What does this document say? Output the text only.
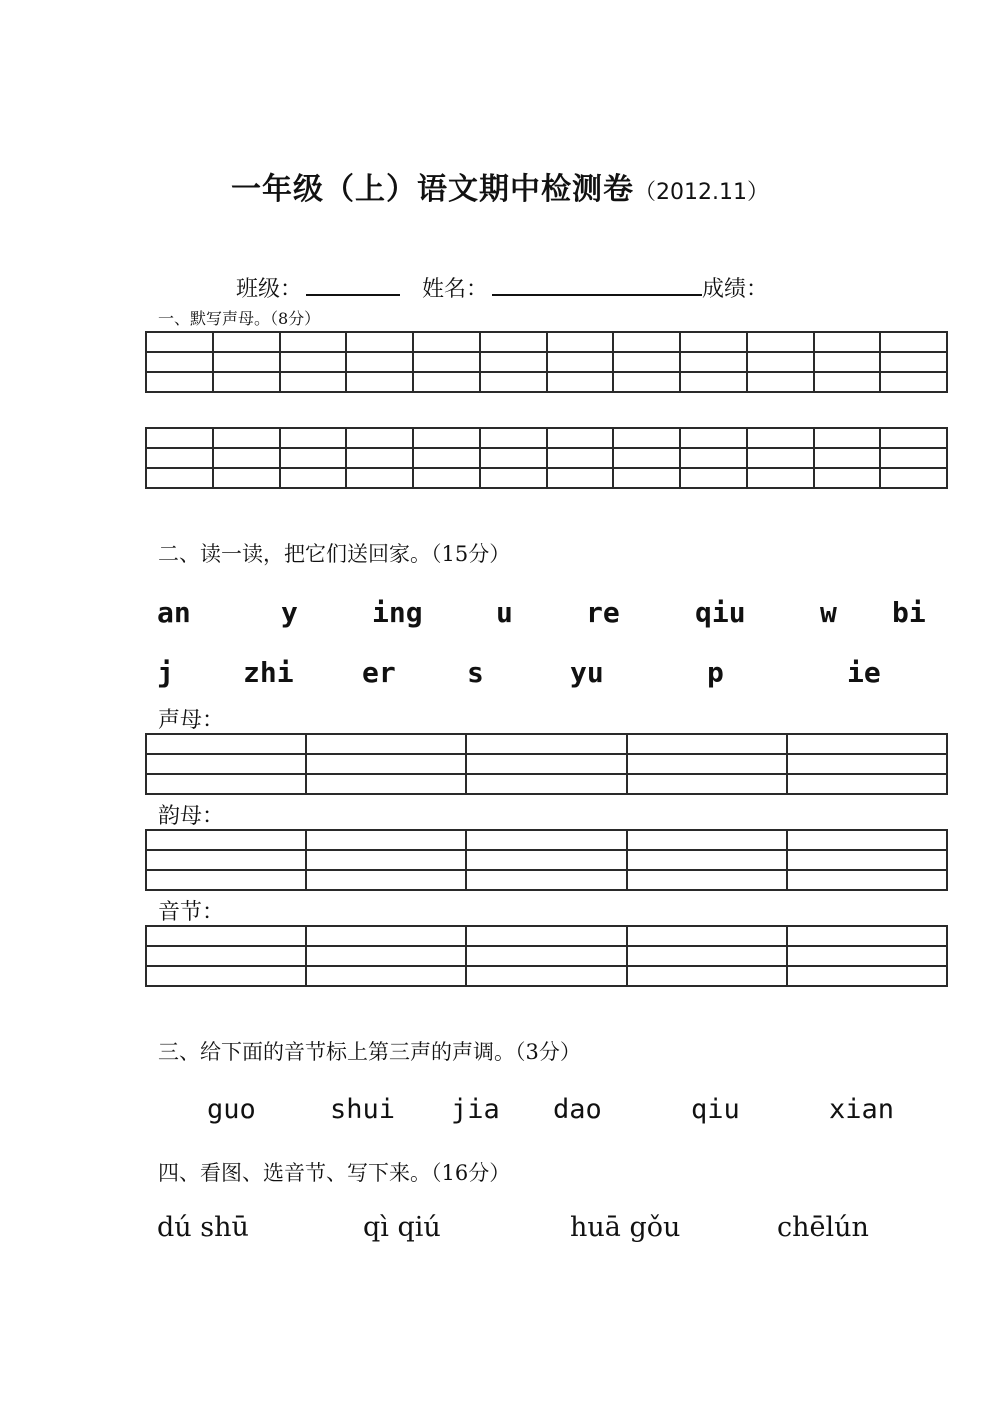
一年级（上）语文期中检测卷（2012.11）
班级：	姓名：	成绩：
一、默写声母。（8分）

二、读一读，把它们送回家。（15分）
an	y	ing	u	re	qiu	w bi
j zhi er	s	yu	p	ie
声母：

韵母：

音节：

三、给下面的音节标上第三声的声调。（3分）
guo	shui jia dao	qiu	xian
四、看图、选音节、写下来。（16分）
dú shū	qì qiú	huā gǒu	chēlún
